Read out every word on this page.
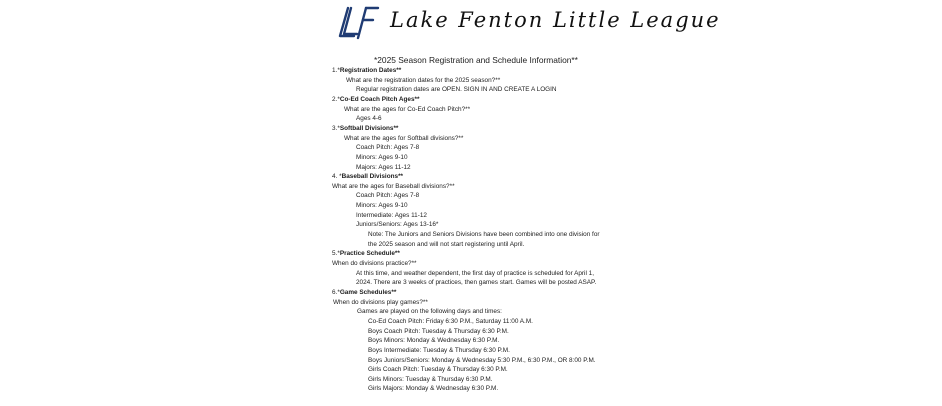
LF
Lake Fenton Little League
*2025 Season Registration and Schedule Information**
1.*Registration Dates**
What are the registration dates for the 2025 season?**
Regular registration dates are OPEN. SIGN IN AND CREATE A LOGIN
2.*Co-Ed Coach Pitch Ages**
What are the ages for Co-Ed Coach Pitch?**
Ages 4-6
3.*Softball Divisions**
What are the ages for Softball divisions?**
Coach Pitch: Ages 7-8
Minors: Ages 9-10
Majors: Ages 11-12
4. *Baseball Divisions**
What are the ages for Baseball divisions?**
Coach Pitch: Ages 7-8
Minors: Ages 9-10
Intermediate: Ages 11-12
Juniors/Seniors: Ages 13-16*
Note: The Juniors and Seniors Divisions have been combined into one division for
the 2025 season and will not start registering until April.
5.*Practice Schedule**
When do divisions practice?**
At this time, and weather dependent, the first day of practice is scheduled for April 1,
2024. There are 3 weeks of practices, then games start. Games will be posted ASAP.
6.*Game Schedules**
When do divisions play games?**
Games are played on the following days and times:
Co-Ed Coach Pitch: Friday 6:30 P.M., Saturday 11:00 A.M.
Boys Coach Pitch: Tuesday & Thursday 6:30 P.M.
Boys Minors: Monday & Wednesday 6:30 P.M.
Boys Intermediate: Tuesday & Thursday 6:30 P.M.
Boys Juniors/Seniors: Monday & Wednesday 5:30 P.M., 6:30 P.M., OR 8:00 P.M.
Girls Coach Pitch: Tuesday & Thursday 6:30 P.M.
Girls Minors: Tuesday & Thursday 6:30 P.M.
Girls Majors: Monday & Wednesday 6:30 P.M.
